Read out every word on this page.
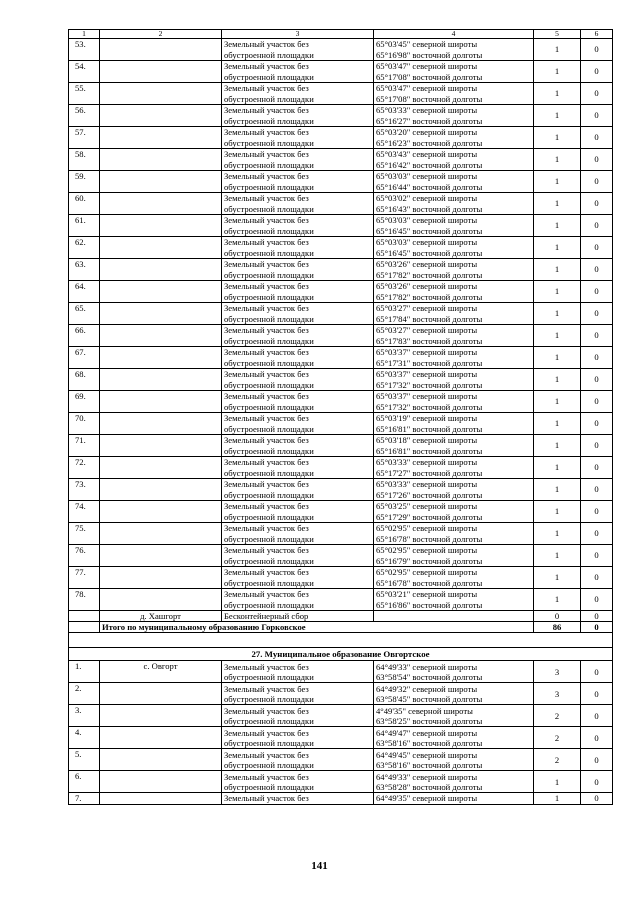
1	2	3	4	5	6
53.		Земельный участок без
обустроенной площадки	65°03'45" северной широты
65°16'98" восточной долготы	1	0
54.		Земельный участок без
обустроенной площадки	65°03'47" северной широты
65°17'08" восточной долготы	1	0
55.		Земельный участок без
обустроенной площадки	65°03'47" северной широты
65°17'08" восточной долготы	1	0
56.		Земельный участок без
обустроенной площадки	65°03'33" северной широты
65°16'27" восточной долготы	1	0
57.		Земельный участок без
обустроенной площадки	65°03'20" северной широты
65°16'23" восточной долготы	1	0
58.		Земельный участок без
обустроенной площадки	65°03'43" северной широты
65°16'42" восточной долготы	1	0
59.		Земельный участок без
обустроенной площадки	65°03'03" северной широты
65°16'44" восточной долготы	1	0
60.		Земельный участок без
обустроенной площадки	65°03'02" северной широты
65°16'43" восточной долготы	1	0
61.		Земельный участок без
обустроенной площадки	65°03'03" северной широты
65°16'45" восточной долготы	1	0
62.		Земельный участок без
обустроенной площадки	65°03'03" северной широты
65°16'45" восточной долготы	1	0
63.		Земельный участок без
обустроенной площадки	65°03'26" северной широты
65°17'82" восточной долготы	1	0
64.		Земельный участок без
обустроенной площадки	65°03'26" северной широты
65°17'82" восточной долготы	1	0
65.		Земельный участок без
обустроенной площадки	65°03'27" северной широты
65°17'84" восточной долготы	1	0
66.		Земельный участок без
обустроенной площадки	65°03'27" северной широты
65°17'83" восточной долготы	1	0
67.		Земельный участок без
обустроенной площадки	65°03'37" северной широты
65°17'31" восточной долготы	1	0
68.		Земельный участок без
обустроенной площадки	65°03'37" северной широты
65°17'32" восточной долготы	1	0
69.		Земельный участок без
обустроенной площадки	65°03'37" северной широты
65°17'32" восточной долготы	1	0
70.		Земельный участок без
обустроенной площадки	65°03'19" северной широты
65°16'81" восточной долготы	1	0
71.		Земельный участок без
обустроенной площадки	65°03'18" северной широты
65°16'81" восточной долготы	1	0
72.		Земельный участок без
обустроенной площадки	65°03'33" северной широты
65°17'27" восточной долготы	1	0
73.		Земельный участок без
обустроенной площадки	65°03'33" северной широты
65°17'26" восточной долготы	1	0
74.		Земельный участок без
обустроенной площадки	65°03'25" северной широты
65°17'29" восточной долготы	1	0
75.		Земельный участок без
обустроенной площадки	65°02'95" северной широты
65°16'78" восточной долготы	1	0
76.		Земельный участок без
обустроенной площадки	65°02'95" северной широты
65°16'79" восточной долготы	1	0
77.		Земельный участок без
обустроенной площадки	65°02'95" северной широты
65°16'78" восточной долготы	1	0
78.		Земельный участок без
обустроенной площадки	65°03'21" северной широты
65°16'86" восточной долготы	1	0
	д. Хашгорт	Бесконтейнерный сбор		0	0
	Итого по муниципальному образованию Горковское			86	0

27. Муниципальное образование Овгортское					
1.	с. Овгорт	Земельный участок без
обустроенной площадки	64°49'33" северной широты
63°58'54" восточной долготы	3	0
2.		Земельный участок без
обустроенной площадки	64°49'32" северной широты
63°58'45" восточной долготы	3	0
3.		Земельный участок без
обустроенной площадки	4°49'35" северной широты
63°58'25" восточной долготы	2	0
4.		Земельный участок без
обустроенной площадки	64°49'47" северной широты
63°58'16" восточной долготы	2	0
5.		Земельный участок без
обустроенной площадки	64°49'45" северной широты
63°58'16" восточной долготы	2	0
6.		Земельный участок без
обустроенной площадки	64°49'33" северной широты
63°58'28" восточной долготы	1	0
7.		Земельный участок без	64°49'35" северной широты	1	0
141
